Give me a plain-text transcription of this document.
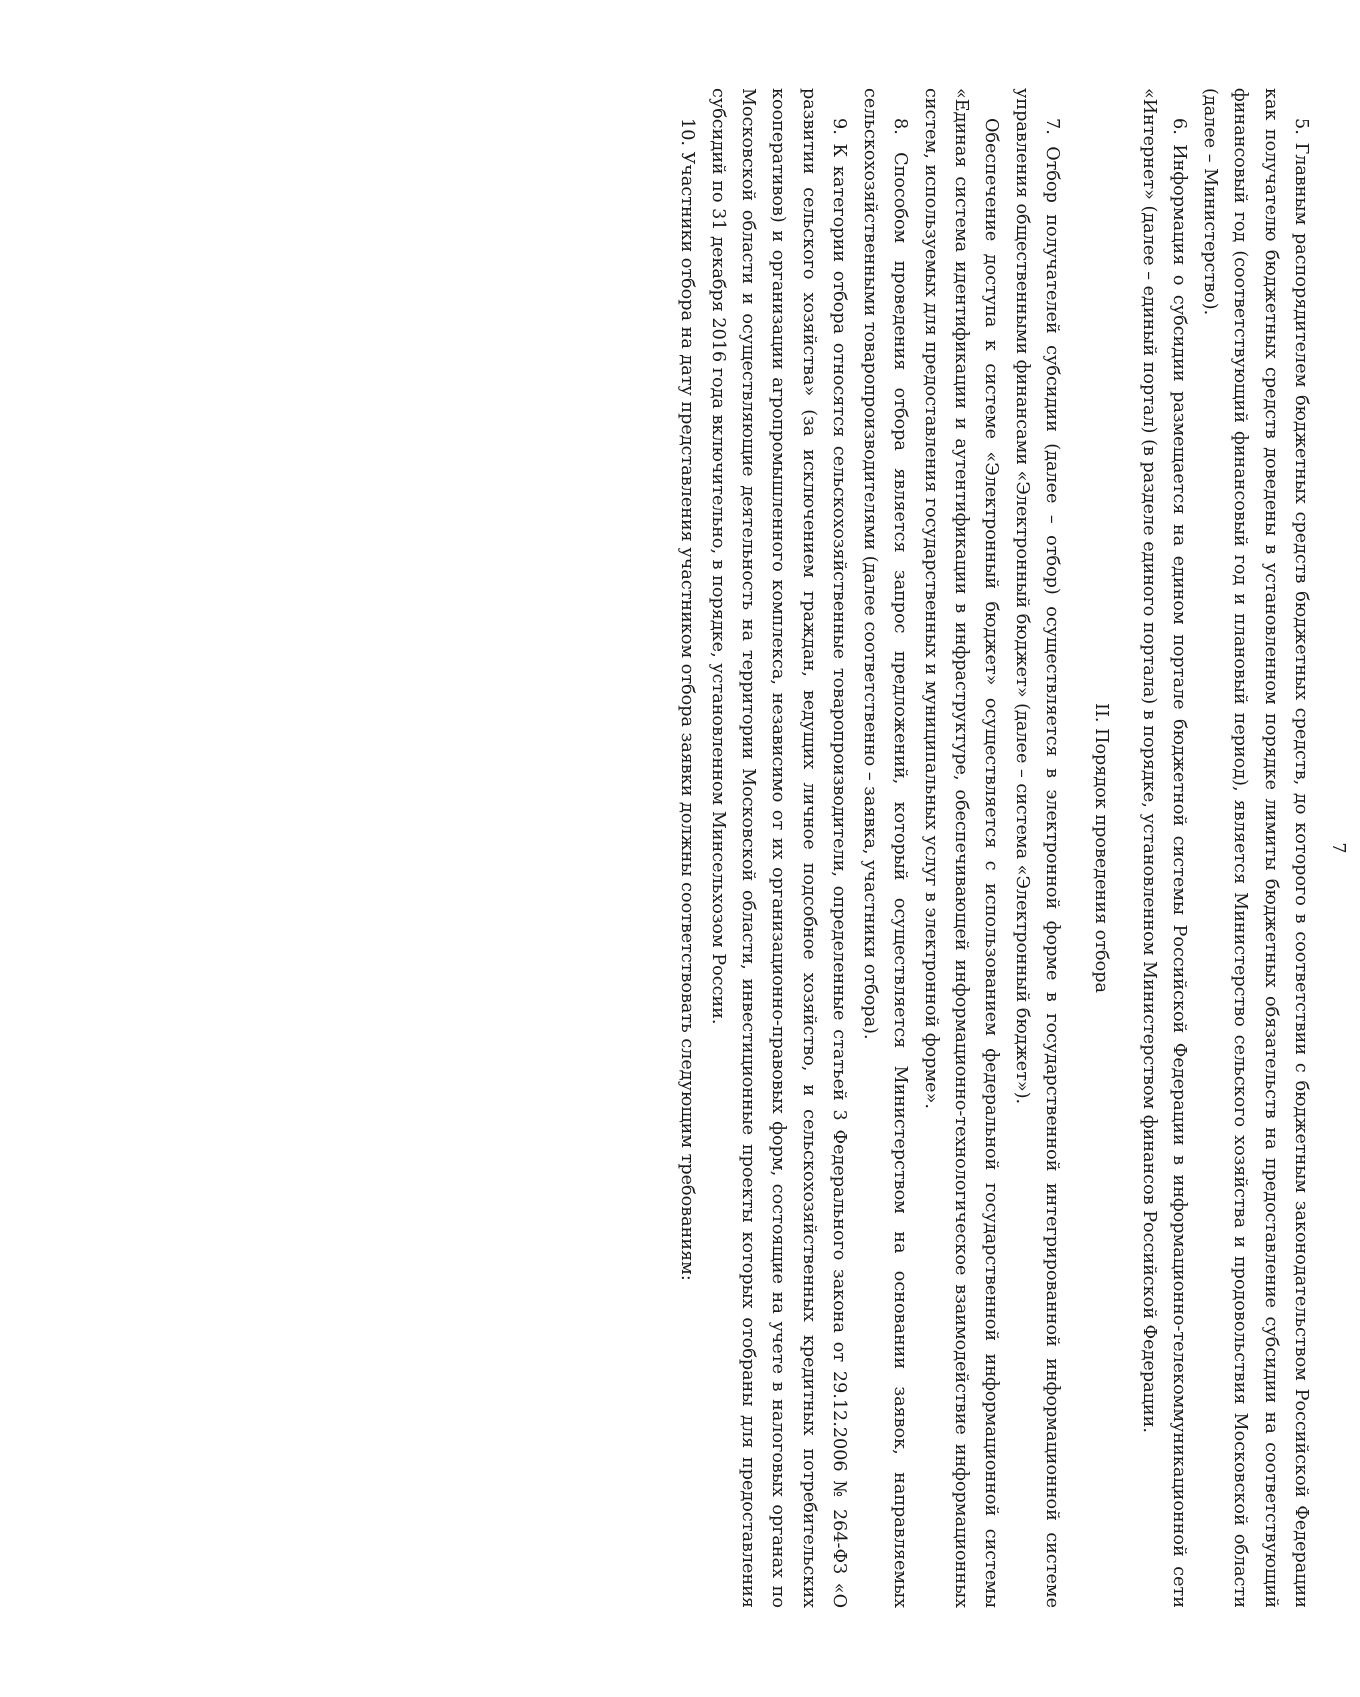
7

5. Главным распорядителем бюджетных средств бюджетных средств, до которого в соответствии с бюджетным законодательством Российской Федерации как получателю бюджетных средств доведены в установленном порядке лимиты бюджетных обязательств на предоставление субсидии на соответствующий финансовый год (соответствующий финансовый год и плановый период), является Министерство сельского хозяйства и продовольствия Московской области (далее – Министерство).

6. Информация о субсидии размещается на едином портале бюджетной системы Российской Федерации в информационно-телекоммуникационной сети «Интернет» (далее – единый портал) (в разделе единого портала) в порядке, установленном Министерством финансов Российской Федерации.

II. Порядок проведения отбора

7. Отбор получателей субсидии (далее – отбор) осуществляется в электронной форме в государственной интегрированной информационной системе управления общественными финансами «Электронный бюджет» (далее – система «Электронный бюджет»).

Обеспечение доступа к системе «Электронный бюджет» осуществляется с использованием федеральной государственной информационной системы «Единая система идентификации и аутентификации в инфраструктуре, обеспечивающей информационно-технологическое взаимодействие информационных систем, используемых для предоставления государственных и муниципальных услуг в электронной форме».

8. Способом проведения отбора является запрос предложений, который осуществляется Министерством на основании заявок, направляемых сельскохозяйственными товаропроизводителями (далее соответственно – заявка, участники отбора).

9. К категории отбора относятся сельскохозяйственные товаропроизводители, определенные статьей 3 Федерального закона от 29.12.2006 № 264-ФЗ «О развитии сельского хозяйства» (за исключением граждан, ведущих личное подсобное хозяйство, и сельскохозяйственных кредитных потребительских кооперативов) и организации агропромышленного комплекса, независимо от их организационно-правовых форм, состоящие на учете в налоговых органах по Московской области и осуществляющие деятельность на территории Московской области, инвестиционные проекты которых отобраны для предоставления субсидий по 31 декабря 2016 года включительно, в порядке, установленном Минсельхозом России.

10. Участники отбора на дату представления участником отбора заявки должны соответствовать следующим требованиям:
